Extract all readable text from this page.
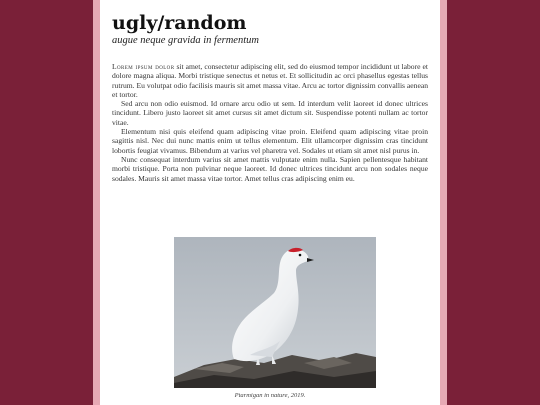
ugly/random
augue neque gravida in fermentum

Lorem ipsum dolor sit amet, consectetur adipiscing elit, sed do eiusmod tempor incididunt ut labore et dolore magna aliqua. Morbi tristique senectus et netus et. Et sollicitudin ac orci phasellus egestas tellus rutrum. Eu volutpat odio facilisis mauris sit amet massa vitae. Arcu ac tortor dignissim convallis aenean et tortor.

Sed arcu non odio euismod. Id ornare arcu odio ut sem. Id interdum velit laoreet id donec ultrices tincidunt. Libero justo laoreet sit amet cursus sit amet dictum sit. Suspendisse potenti nullam ac tortor vitae.

Elementum nisi quis eleifend quam adipiscing vitae proin. Eleifend quam adipiscing vitae proin sagittis nisl. Nec dui nunc mattis enim ut tellus elementum. Elit ullamcorper dignissim cras tincidunt lobortis feugiat vivamus. Bibendum at varius vel pharetra vel. Sodales ut etiam sit amet nisl purus in.

Nunc consequat interdum varius sit amet mattis vulputate enim nulla. Sapien pellentesque habitant morbi tristique. Porta non pulvinar neque laoreet. Id donec ultrices tincidunt arcu non sodales neque sodales. Mauris sit amet massa vitae tortor. Amet tellus cras adipiscing enim eu.

Ptarmigan in nature, 2019.
